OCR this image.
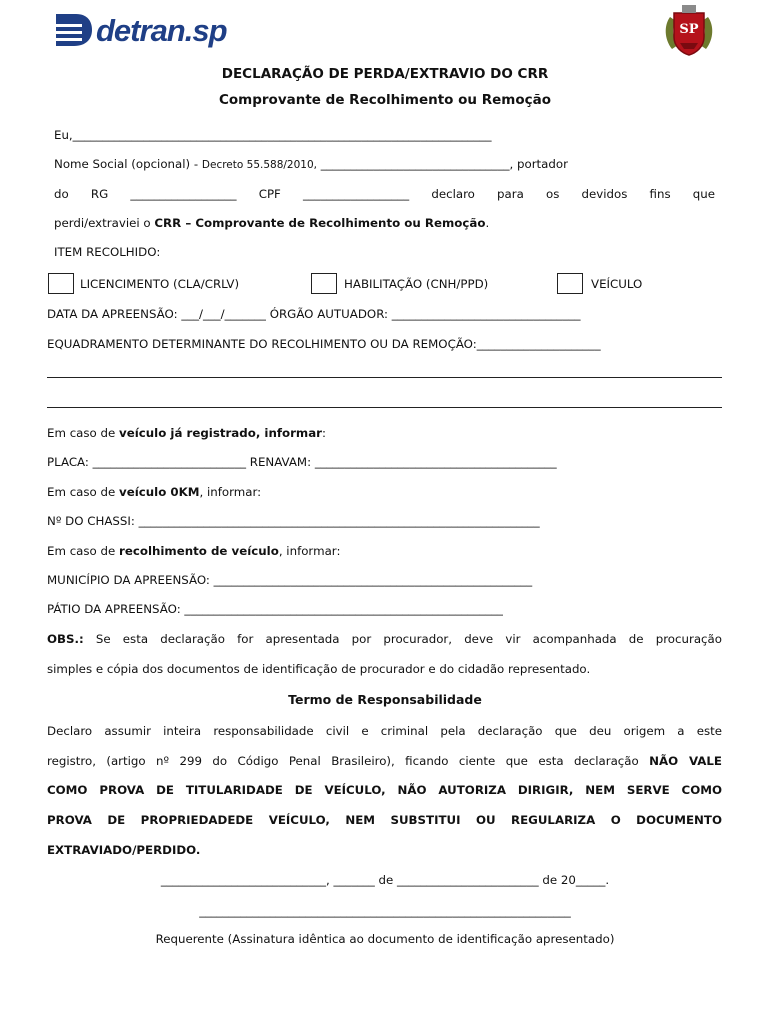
detran.sp	SP
DECLARAÇÃO DE PERDA/EXTRAVIO DO CRR
Comprovante de Recolhimento ou Remoção
Eu,_______________________________________________________________________
Nome Social (opcional) - Decreto 55.588/2010, ________________________________, portador
do RG __________________ CPF __________________ declaro para os devidos fins que
perdi/extraviei o CRR – Comprovante de Recolhimento ou Remoção.
ITEM RECOLHIDO:
LICENCIMENTO (CLA/CRLV)	HABILITAÇÃO (CNH/PPD)	VEÍCULO
DATA DA APREENSÃO: ___/___/_______ ÓRGÃO AUTUADOR: ________________________________
EQUADRAMENTO DETERMINANTE DO RECOLHIMENTO OU DA REMOÇÃO:_____________________
Em caso de veículo já registrado, informar:
PLACA: __________________________ RENAVAM: _________________________________________
Em caso de veículo 0KM, informar:
Nº DO CHASSI: ____________________________________________________________________
Em caso de recolhimento de veículo, informar:
MUNICÍPIO DA APREENSÃO: ______________________________________________________
PÁTIO DA APREENSÃO: ______________________________________________________
OBS.: Se esta declaração for apresentada por procurador, deve vir acompanhada de procuração
simples e cópia dos documentos de identificação de procurador e do cidadão representado.
Termo de Responsabilidade
Declaro assumir inteira responsabilidade civil e criminal pela declaração que deu origem a este
registro, (artigo nº 299 do Código Penal Brasileiro), ficando ciente que esta declaração NÃO VALE
COMO PROVA DE TITULARIDADE DE VEÍCULO, NÃO AUTORIZA DIRIGIR, NEM SERVE COMO
PROVA DE PROPRIEDADEDE VEÍCULO, NEM SUBSTITUI OU REGULARIZA O DOCUMENTO
EXTRAVIADO/PERDIDO.
____________________________, _______ de ________________________ de 20_____.
_______________________________________________________________
Requerente (Assinatura idêntica ao documento de identificação apresentado)
